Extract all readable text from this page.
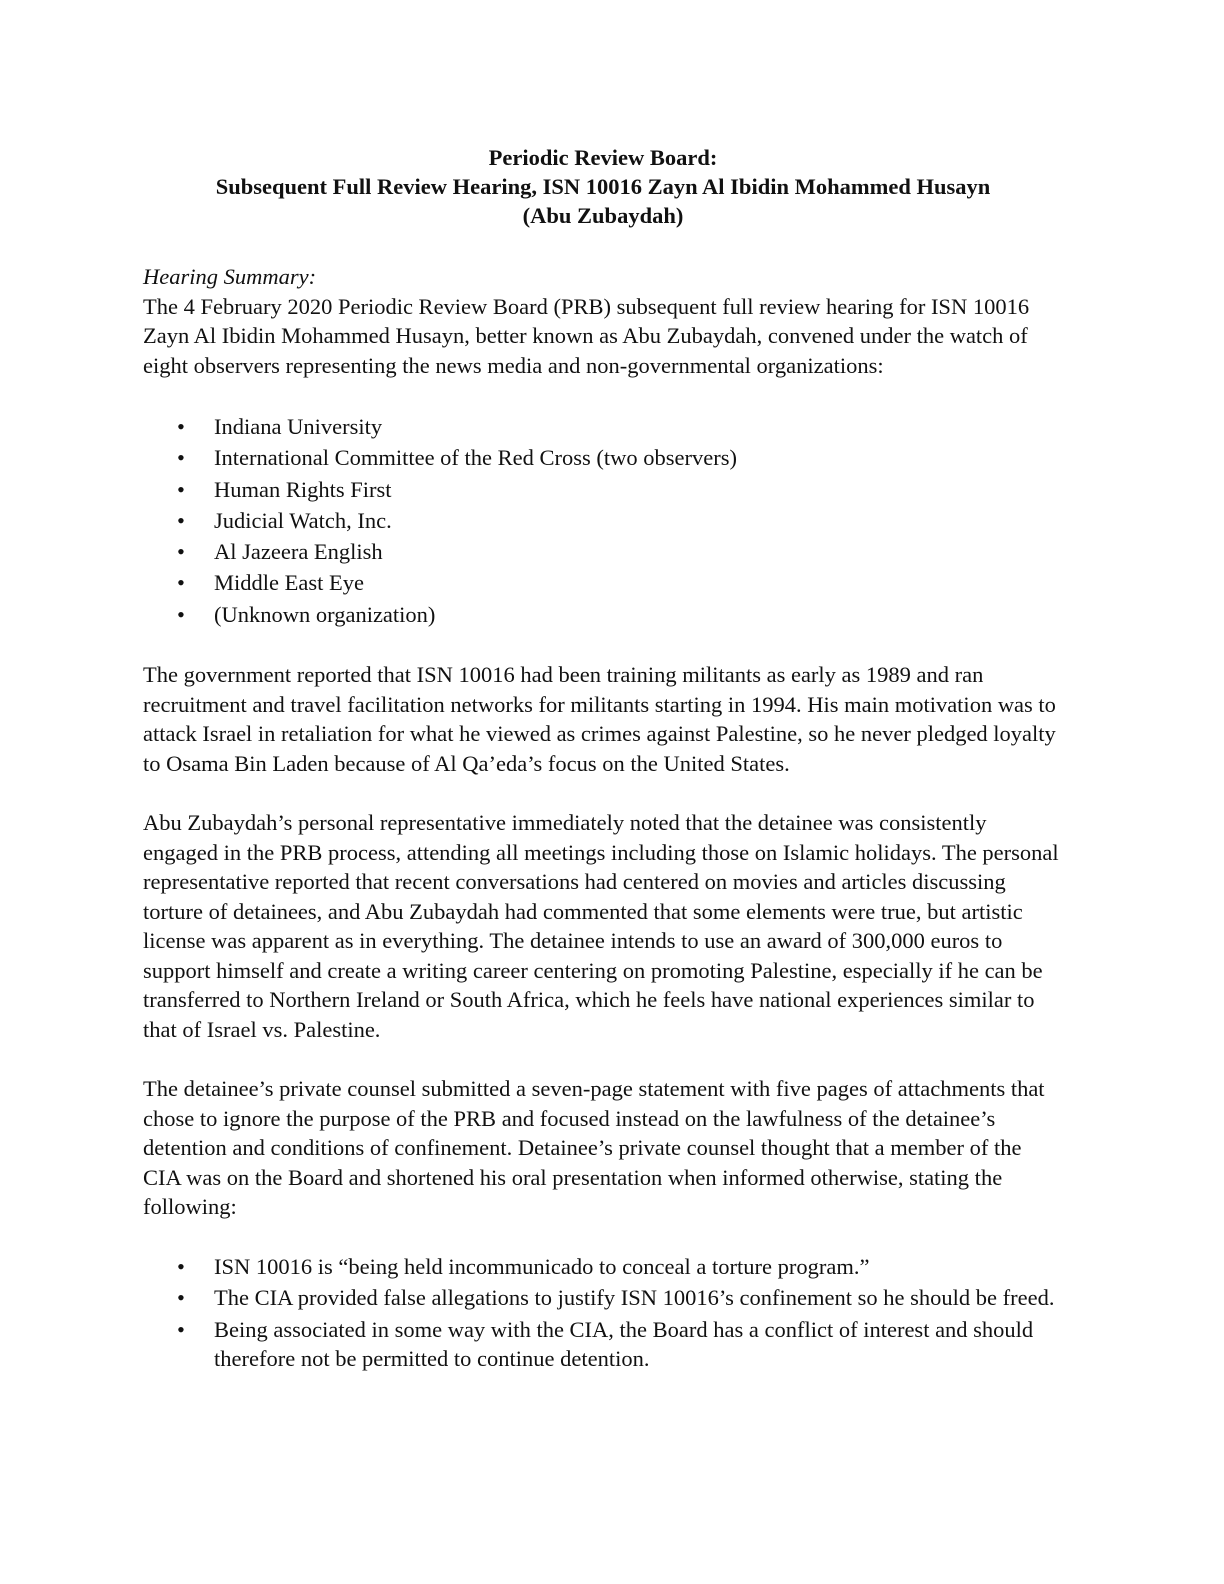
Periodic Review Board:
Subsequent Full Review Hearing, ISN 10016 Zayn Al Ibidin Mohammed Husayn
(Abu Zubaydah)
Hearing Summary:

The 4 February 2020 Periodic Review Board (PRB) subsequent full review hearing for ISN 10016 Zayn Al Ibidin Mohammed Husayn, better known as Abu Zubaydah, convened under the watch of eight observers representing the news media and non-governmental organizations:

• Indiana University
• International Committee of the Red Cross (two observers)
• Human Rights First
• Judicial Watch, Inc.
• Al Jazeera English
• Middle East Eye
• (Unknown organization)

The government reported that ISN 10016 had been training militants as early as 1989 and ran recruitment and travel facilitation networks for militants starting in 1994. His main motivation was to attack Israel in retaliation for what he viewed as crimes against Palestine, so he never pledged loyalty to Osama Bin Laden because of Al Qa’eda’s focus on the United States.

Abu Zubaydah’s personal representative immediately noted that the detainee was consistently engaged in the PRB process, attending all meetings including those on Islamic holidays. The personal representative reported that recent conversations had centered on movies and articles discussing torture of detainees, and Abu Zubaydah had commented that some elements were true, but artistic license was apparent as in everything. The detainee intends to use an award of 300,000 euros to support himself and create a writing career centering on promoting Palestine, especially if he can be transferred to Northern Ireland or South Africa, which he feels have national experiences similar to that of Israel vs. Palestine.

The detainee’s private counsel submitted a seven-page statement with five pages of attachments that chose to ignore the purpose of the PRB and focused instead on the lawfulness of the detainee’s detention and conditions of confinement. Detainee’s private counsel thought that a member of the CIA was on the Board and shortened his oral presentation when informed otherwise, stating the following:

• ISN 10016 is “being held incommunicado to conceal a torture program.”
• The CIA provided false allegations to justify ISN 10016’s confinement so he should be freed.
• Being associated in some way with the CIA, the Board has a conflict of interest and should therefore not be permitted to continue detention.
